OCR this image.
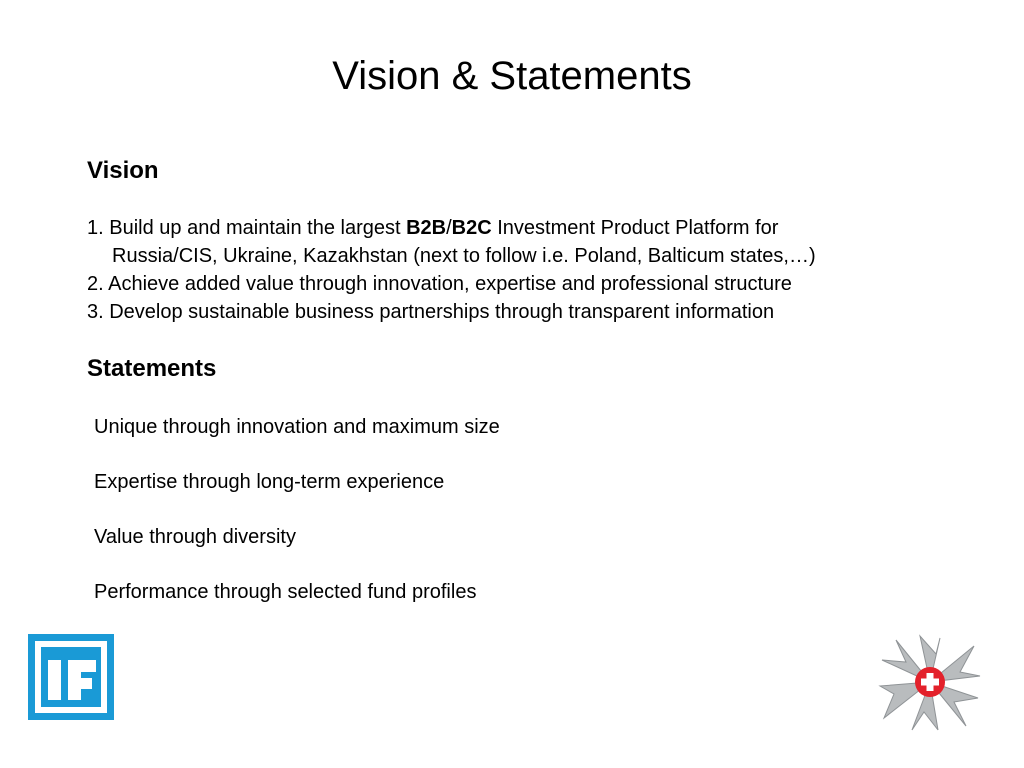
Vision & Statements
Vision
1. Build up and maintain the largest B2B/B2C Investment Product Platform for
Russia/CIS, Ukraine, Kazakhstan (next to follow i.e. Poland, Balticum states,…)
2. Achieve added value through innovation, expertise and professional structure
3. Develop sustainable business partnerships through transparent information
Statements

Unique through innovation and maximum size

Expertise through long-term experience

Value through diversity

Performance through selected fund profiles
